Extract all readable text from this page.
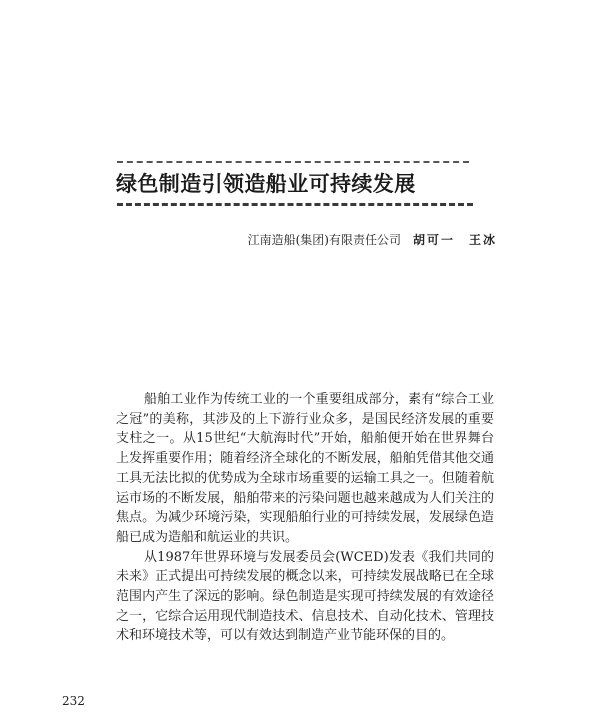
绿色制造引领造船业可持续发展
江南造船(集团)有限责任公司 胡可一　王冰

船舶工业作为传统工业的一个重要组成部分，素有“综合工业之冠”的美称，其涉及的上下游行业众多，是国民经济发展的重要支柱之一。从15世纪“大航海时代”开始，船舶便开始在世界舞台上发挥重要作用；随着经济全球化的不断发展，船舶凭借其他交通工具无法比拟的优势成为全球市场重要的运输工具之一。但随着航运市场的不断发展，船舶带来的污染问题也越来越成为人们关注的焦点。为减少环境污染，实现船舶行业的可持续发展，发展绿色造船已成为造船和航运业的共识。

从1987年世界环境与发展委员会(WCED)发表《我们共同的未来》正式提出可持续发展的概念以来，可持续发展战略已在全球范围内产生了深远的影响。绿色制造是实现可持续发展的有效途径之一，它综合运用现代制造技术、信息技术、自动化技术、管理技术和环境技术等，可以有效达到制造产业节能环保的目的。

232
